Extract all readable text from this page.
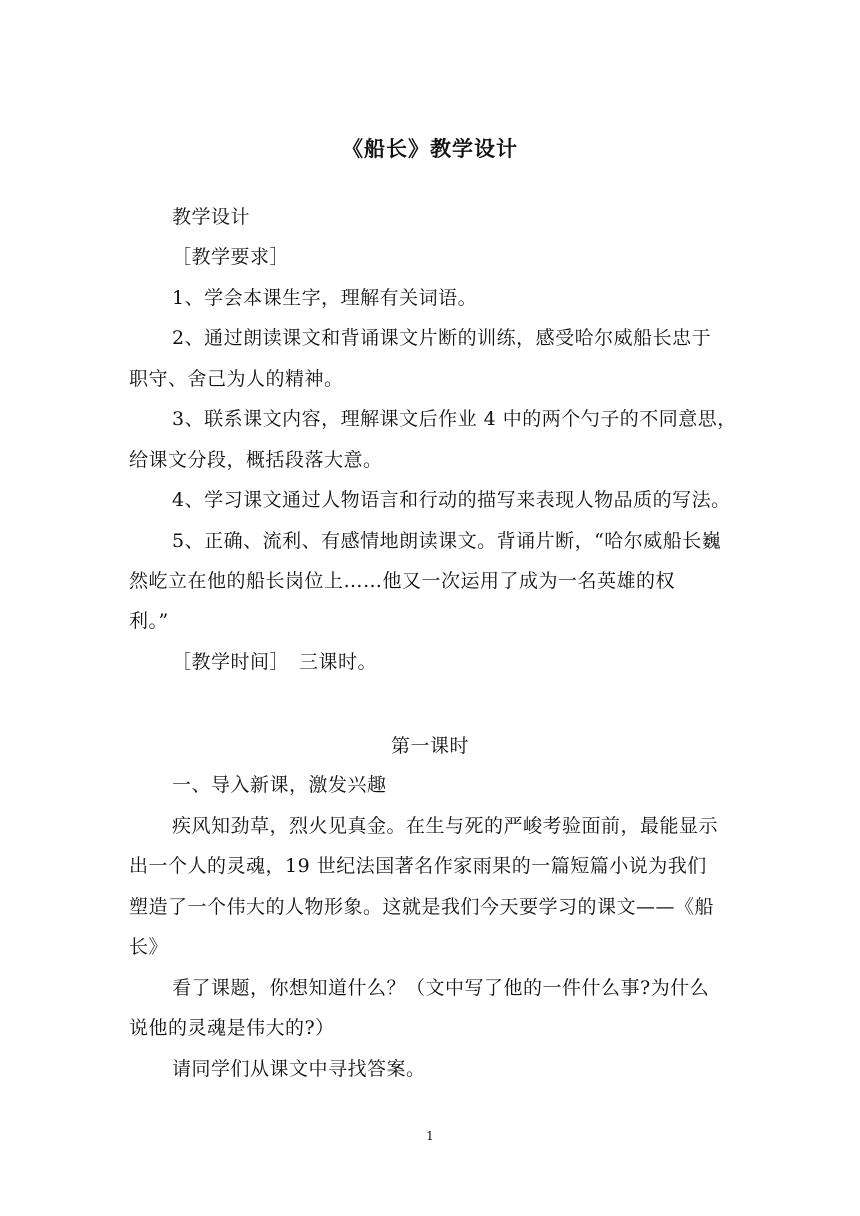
《船长》教学设计
教学设计
［教学要求］
1、学会本课生字，理解有关词语。
2、通过朗读课文和背诵课文片断的训练，感受哈尔威船长忠于
职守、舍己为人的精神。
3、联系课文内容，理解课文后作业 4 中的两个勺子的不同意思，
给课文分段，概括段落大意。
4、学习课文通过人物语言和行动的描写来表现人物品质的写法。
5、正确、流利、有感情地朗读课文。背诵片断，“哈尔威船长巍
然屹立在他的船长岗位上……他又一次运用了成为一名英雄的权
利。”
［教学时间］　三课时。
第一课时
一、导入新课，激发兴趣
疾风知劲草，烈火见真金。在生与死的严峻考验面前，最能显示
出一个人的灵魂，19 世纪法国著名作家雨果的一篇短篇小说为我们
塑造了一个伟大的人物形象。这就是我们今天要学习的课文——《船
长》
看了课题，你想知道什么？（文中写了他的一件什么事?为什么
说他的灵魂是伟大的?）
请同学们从课文中寻找答案。
1
